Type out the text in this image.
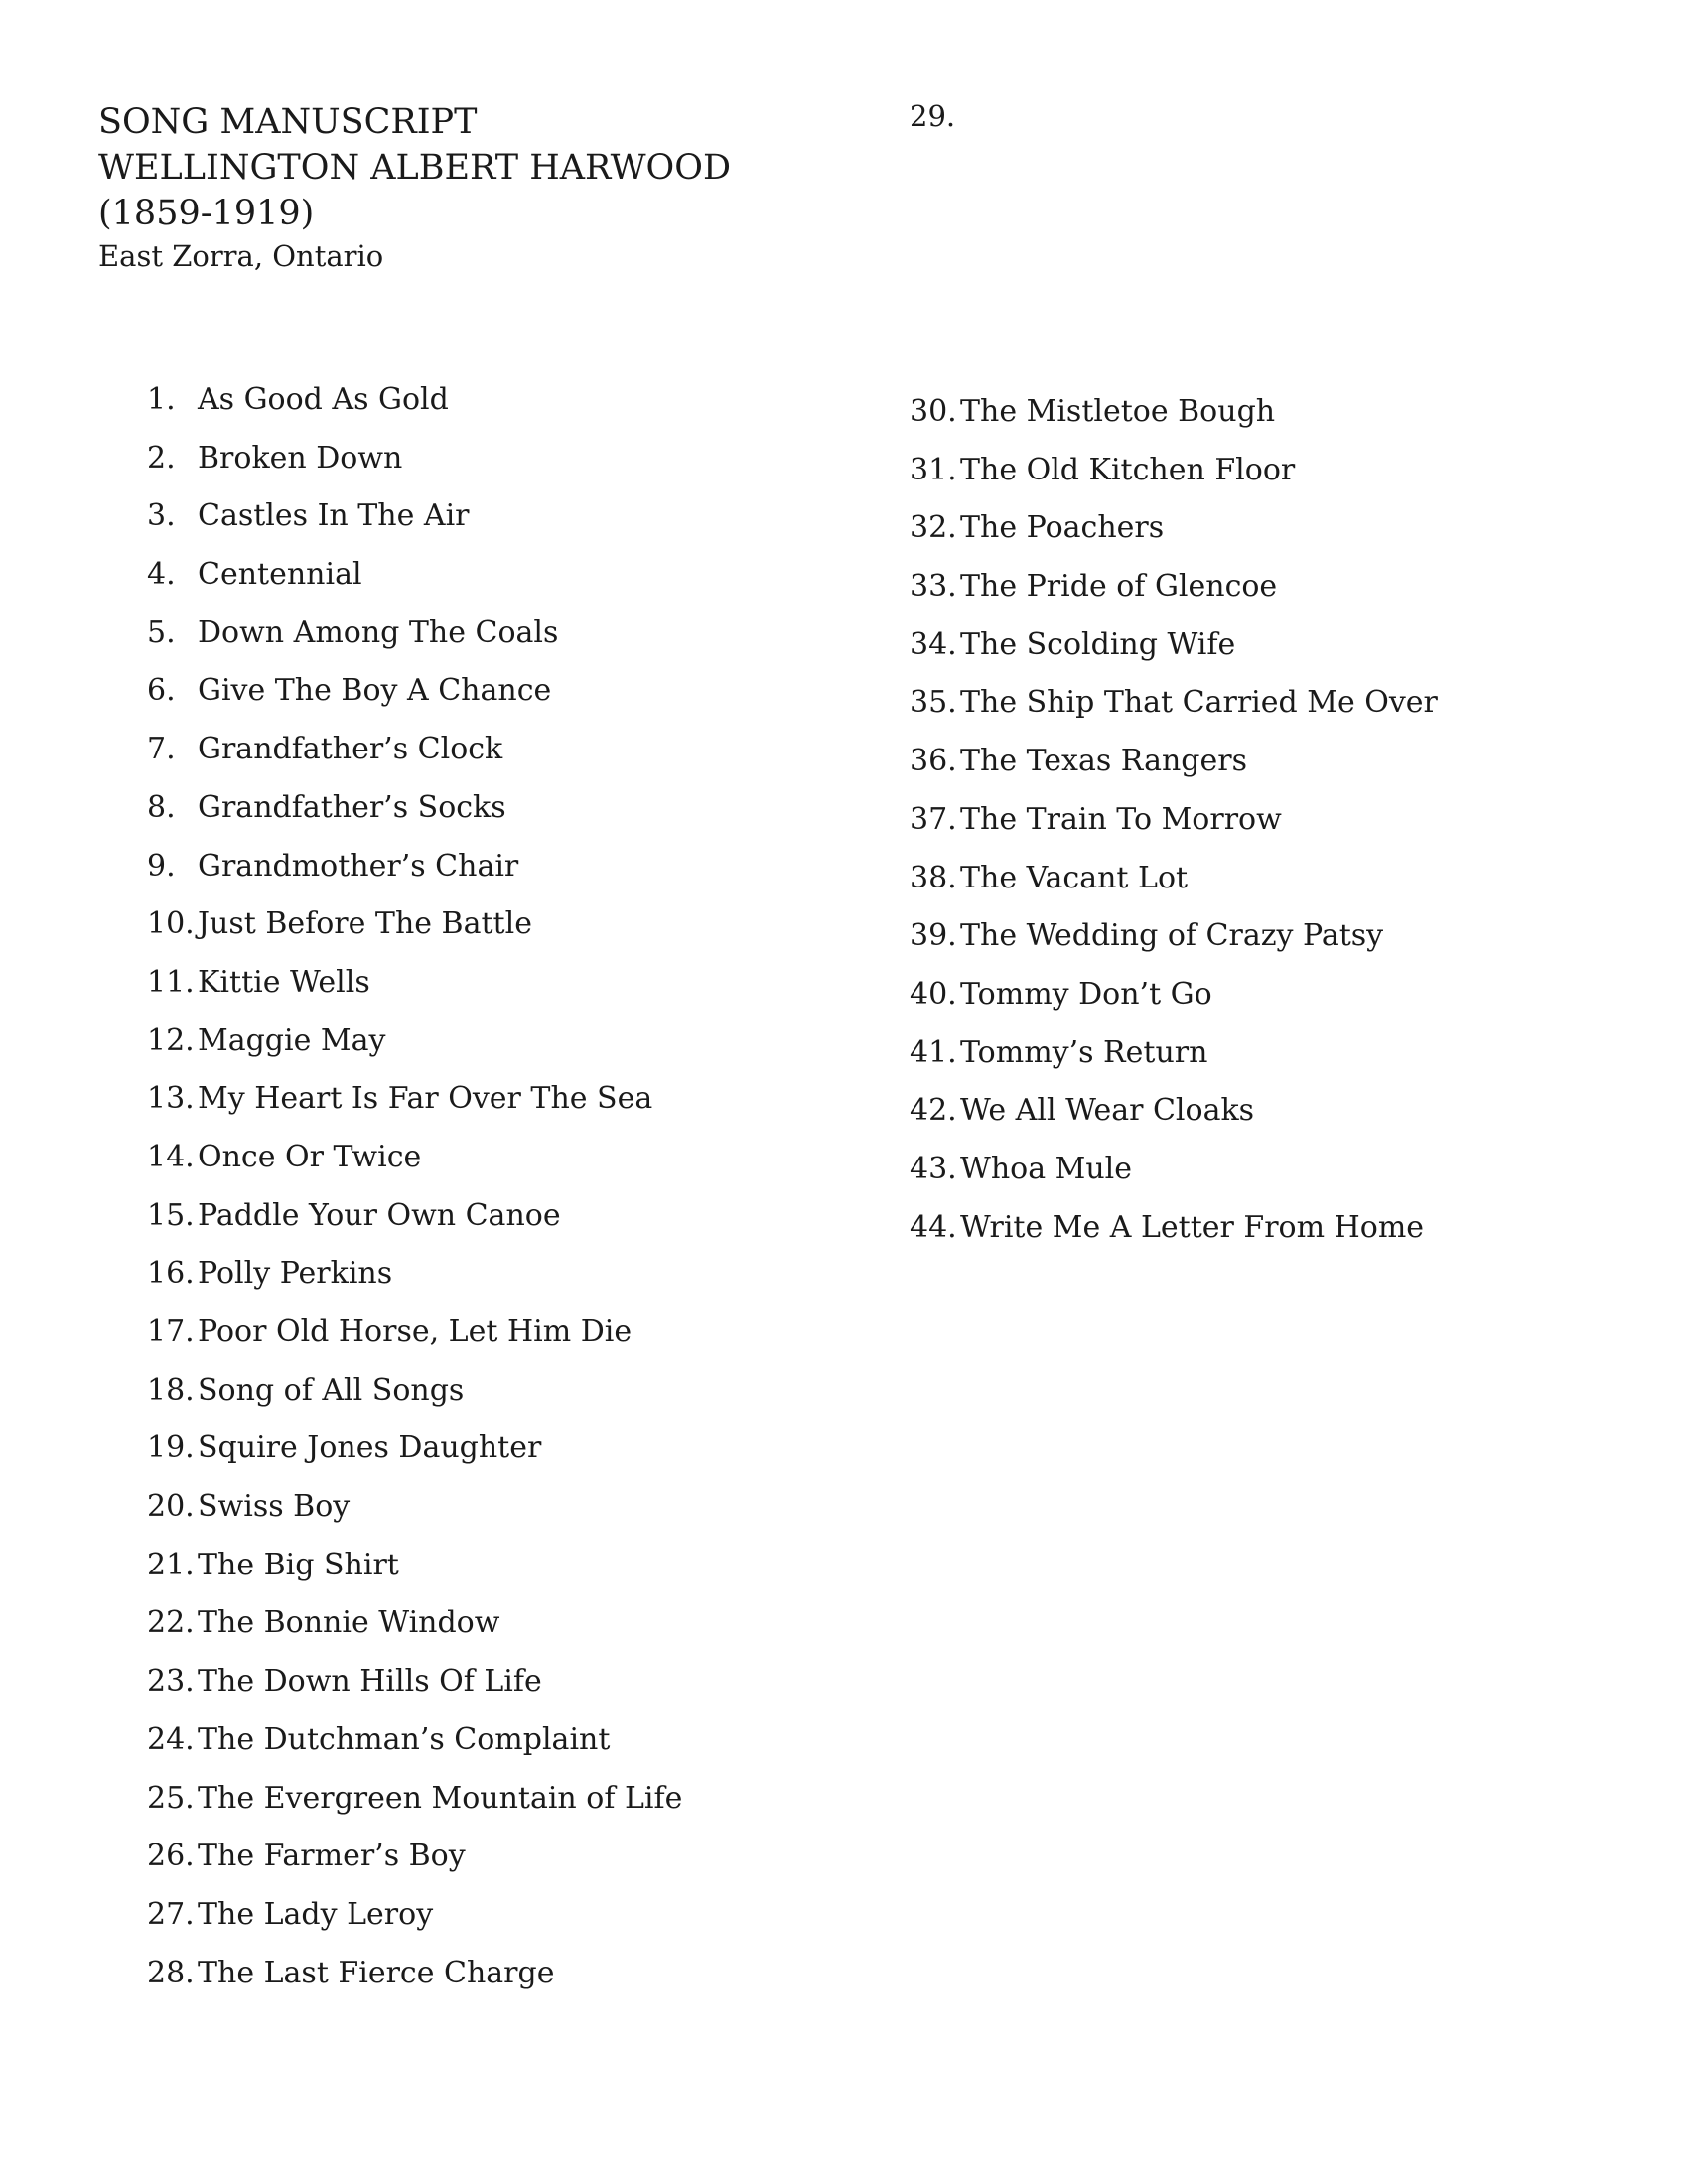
SONG MANUSCRIPT
WELLINGTON ALBERT HARWOOD
(1859-1919)
East Zorra, Ontario
29.
1. As Good As Gold
2. Broken Down
3. Castles In The Air
4. Centennial
5. Down Among The Coals
6. Give The Boy A Chance
7. Grandfather’s Clock
8. Grandfather’s Socks
9. Grandmother’s Chair
10. Just Before The Battle
11. Kittie Wells
12. Maggie May
13. My Heart Is Far Over The Sea
14. Once Or Twice
15. Paddle Your Own Canoe
16. Polly Perkins
17. Poor Old Horse, Let Him Die
18. Song of All Songs
19. Squire Jones Daughter
20. Swiss Boy
21. The Big Shirt
22. The Bonnie Window
23. The Down Hills Of Life
24. The Dutchman’s Complaint
25. The Evergreen Mountain of Life
26. The Farmer’s Boy
27. The Lady Leroy
28. The Last Fierce Charge
30. The Mistletoe Bough
31. The Old Kitchen Floor
32. The Poachers
33. The Pride of Glencoe
34. The Scolding Wife
35. The Ship That Carried Me Over
36. The Texas Rangers
37. The Train To Morrow
38. The Vacant Lot
39. The Wedding of Crazy Patsy
40. Tommy Don’t Go
41. Tommy’s Return
42. We All Wear Cloaks
43. Whoa Mule
44. Write Me A Letter From Home
